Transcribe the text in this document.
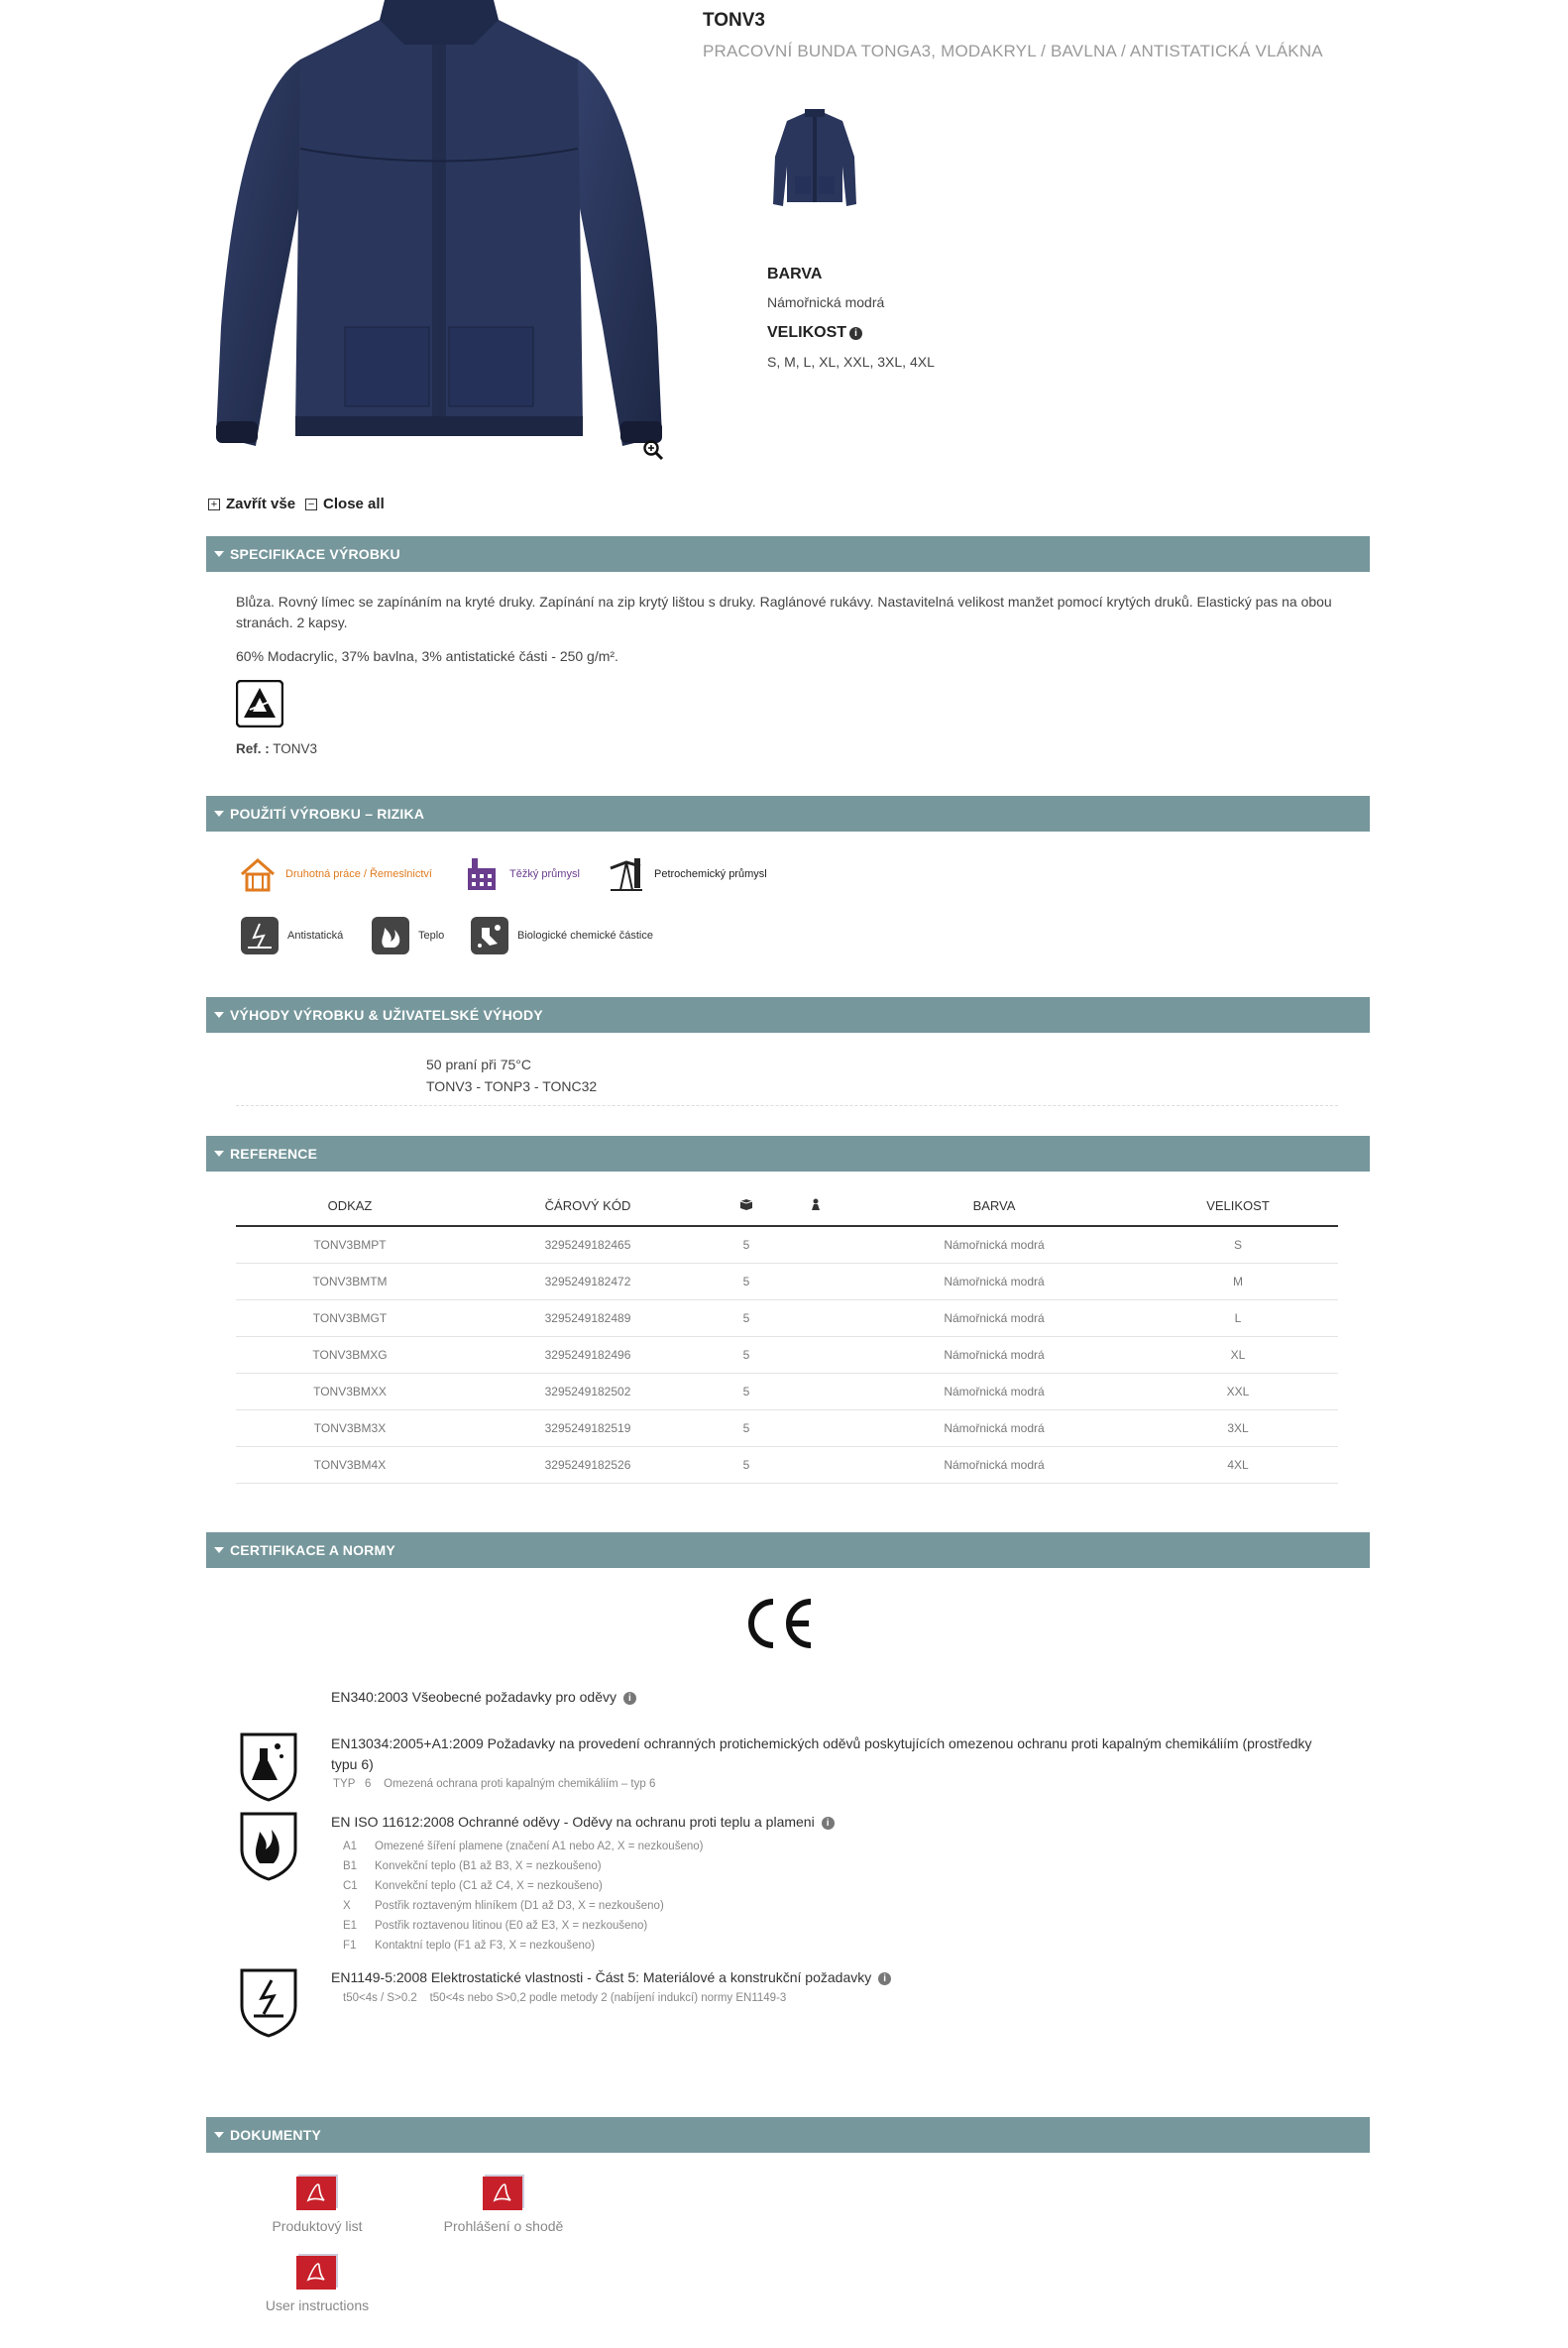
TONV3
PRACOVNÍ BUNDA TONGA3, MODAKRYL / BAVLNA / ANTISTATICKÁ VLÁKNA
BARVA
Námořnická modrá
VELIKOST i
S, M, L, XL, XXL, 3XL, 4XL
+ Zavřít vše − Close all
SPECIFIKACE VÝROBKU
Blůza. Rovný límec se zapínáním na kryté druky. Zapínání na zip krytý lištou s druky. Raglánové rukávy. Nastavitelná velikost manžet pomocí krytých druků. Elastický pas na obou stranách. 2 kapsy.
60% Modacrylic, 37% bavlna, 3% antistatické části - 250 g/m².
Ref. : TONV3
POUŽITÍ VÝROBKU – RIZIKA
Druhotná práce / Řemeslnictví	Těžký průmysl	Petrochemický průmysl
Antistatická	Teplo	Biologické chemické částice
VÝHODY VÝROBKU & UŽIVATELSKÉ VÝHODY
50 praní při 75°C
TONV3 - TONP3 - TONC32
REFERENCE
ODKAZ	ČÁROVÝ KÓD			BARVA	VELIKOST
TONV3BMPT	3295249182465	5		Námořnická modrá	S
TONV3BMTM	3295249182472	5		Námořnická modrá	M
TONV3BMGT	3295249182489	5		Námořnická modrá	L
TONV3BMXG	3295249182496	5		Námořnická modrá	XL
TONV3BMXX	3295249182502	5		Námořnická modrá	XXL
TONV3BM3X	3295249182519	5		Námořnická modrá	3XL
TONV3BM4X	3295249182526	5		Námořnická modrá	4XL
CERTIFIKACE A NORMY
EN340:2003 Všeobecné požadavky pro oděvy i
EN13034:2005+A1:2009 Požadavky na provedení ochranných protichemických oděvů poskytujících omezenou ochranu proti kapalným chemikáliím (prostředky typu 6)
TYP 6 Omezená ochrana proti kapalným chemikáliím – typ 6
EN ISO 11612:2008 Ochranné oděvy - Oděvy na ochranu proti teplu a plameni i
A1 Omezené šíření plamene (značení A1 nebo A2, X = nezkoušeno)
B1 Konvekční teplo (B1 až B3, X = nezkoušeno)
C1 Konvekční teplo (C1 až C4, X = nezkoušeno)
X Postřik roztaveným hliníkem (D1 až D3, X = nezkoušeno)
E1 Postřik roztavenou litinou (E0 až E3, X = nezkoušeno)
F1 Kontaktní teplo (F1 až F3, X = nezkoušeno)
EN1149-5:2008 Elektrostatické vlastnosti - Část 5: Materiálové a konstrukční požadavky i
t50<4s / S>0.2 t50<4s nebo S>0,2 podle metody 2 (nabíjení indukcí) normy EN1149-3
DOKUMENTY
Produktový list	Prohlášení o shodě
User instructions
